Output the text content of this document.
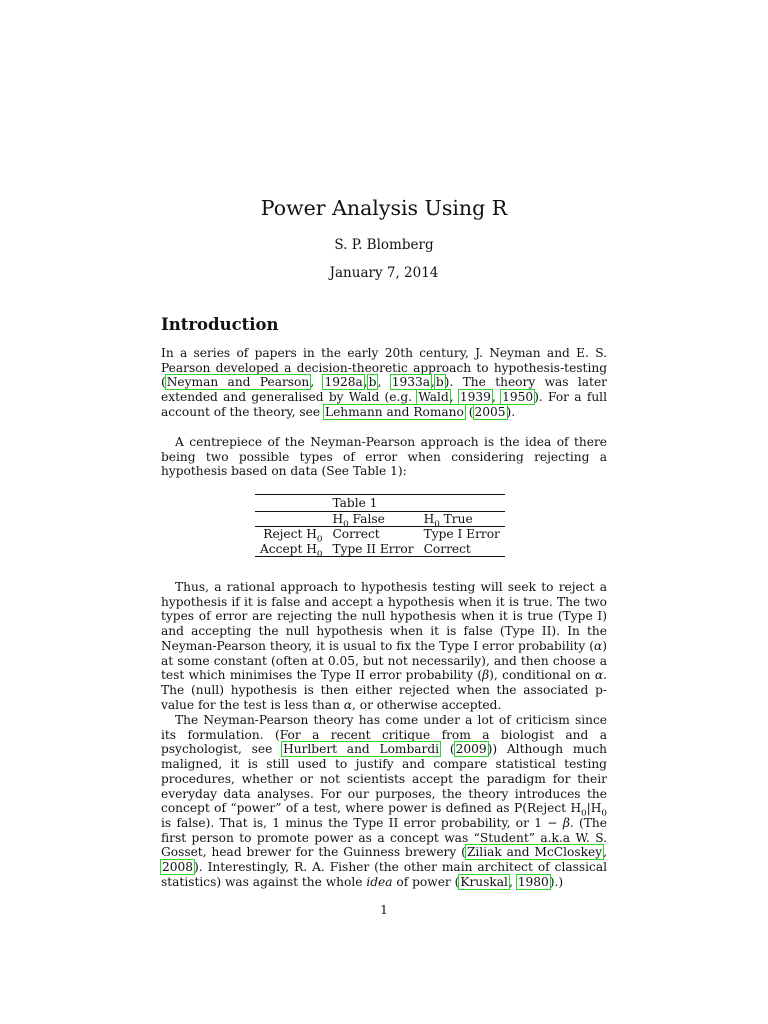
Power Analysis Using R
S. P. Blomberg
January 7, 2014
Introduction

In a series of papers in the early 20th century, J. Neyman and E. S. Pearson developed a decision-theoretic approach to hypothesis-testing (Neyman and Pearson, 1928a,b, 1933a,b). The theory was later extended and generalised by Wald (e.g. Wald, 1939, 1950). For a full account of the theory, see Lehmann and Romano (2005).

A centrepiece of the Neyman-Pearson approach is the idea of there being two possible types of error when considering rejecting a hypothesis based on data (See Table 1):

	Table 1	
	$H_0$ False	$H_0$ True
Reject $H_0$	Correct	Type I Error
Accept $H_0$	Type II Error	Correct

Thus, a rational approach to hypothesis testing will seek to reject a hypothesis if it is false and accept a hypothesis when it is true. The two types of error are rejecting the null hypothesis when it is true (Type I) and accepting the null hypothesis when it is false (Type II). In the Neyman-Pearson theory, it is usual to fix the Type I error probability (α) at some constant (often at 0.05, but not necessarily), and then choose a test which minimises the Type II error probability (β), conditional on α. The (null) hypothesis is then either rejected when the associated p-value for the test is less than α, or otherwise accepted.

The Neyman-Pearson theory has come under a lot of criticism since its formulation. (For a recent critique from a biologist and a psychologist, see Hurlbert and Lombardi (2009)) Although much maligned, it is still used to justify and compare statistical testing procedures, whether or not scientists accept the paradigm for their everyday data analyses. For our purposes, the theory introduces the concept of “power” of a test, where power is defined as P(Reject $H_0|H_0$ is false). That is, 1 minus the Type II error probability, or 1 − β. (The first person to promote power as a concept was “Student” a.k.a W. S. Gosset, head brewer for the Guinness brewery (Ziliak and McCloskey, 2008). Interestingly, R. A. Fisher (the other main architect of classical statistics) was against the whole idea of power (Kruskal, 1980).)

1
